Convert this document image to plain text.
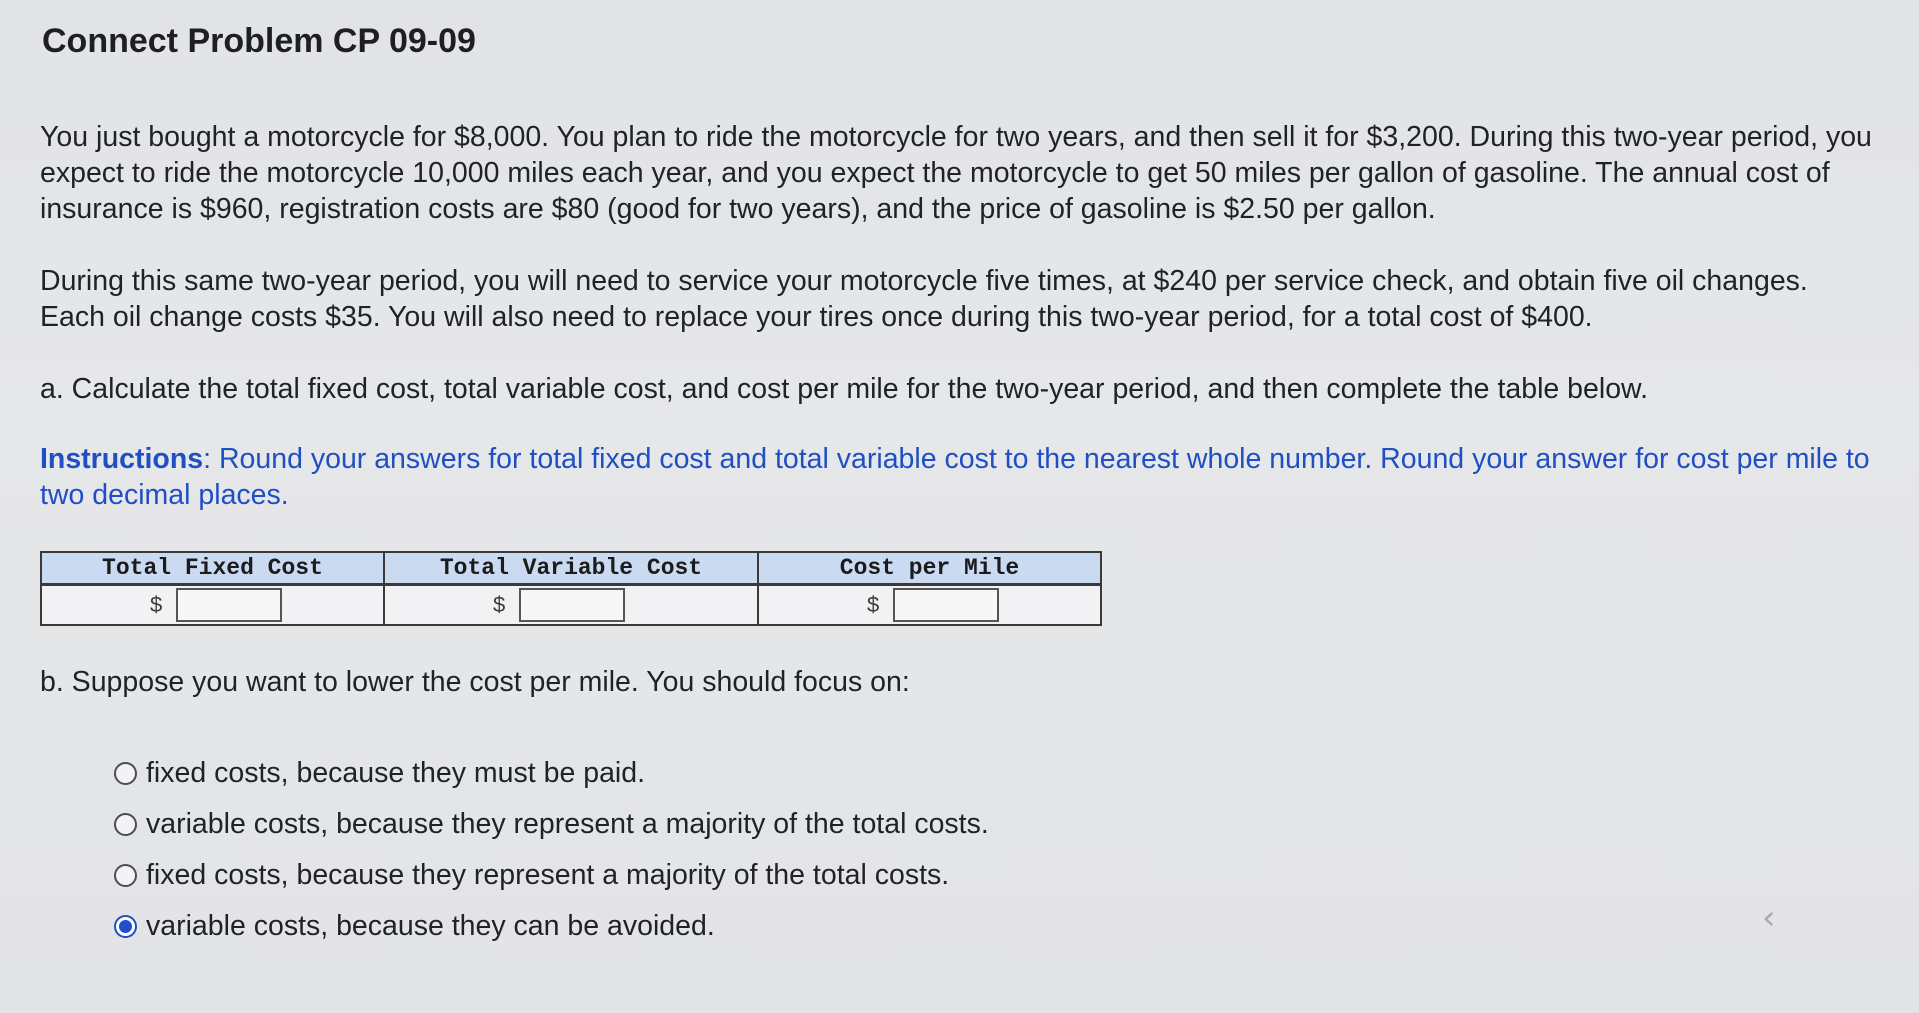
Connect Problem CP 09-09

You just bought a motorcycle for $8,000. You plan to ride the motorcycle for two years, and then sell it for $3,200. During this two-year period, you expect to ride the motorcycle 10,000 miles each year, and you expect the motorcycle to get 50 miles per gallon of gasoline. The annual cost of insurance is $960, registration costs are $80 (good for two years), and the price of gasoline is $2.50 per gallon.

During this same two-year period, you will need to service your motorcycle five times, at $240 per service check, and obtain five oil changes. Each oil change costs $35. You will also need to replace your tires once during this two-year period, for a total cost of $400.

a. Calculate the total fixed cost, total variable cost, and cost per mile for the two-year period, and then complete the table below.

Instructions: Round your answers for total fixed cost and total variable cost to the nearest whole number. Round your answer for cost per mile to two decimal places.

Total Fixed Cost	Total Variable Cost	Cost per Mile

$	$	$

b. Suppose you want to lower the cost per mile. You should focus on:

fixed costs, because they must be paid.
variable costs, because they represent a majority of the total costs.
fixed costs, because they represent a majority of the total costs.
variable costs, because they can be avoided.	‹
